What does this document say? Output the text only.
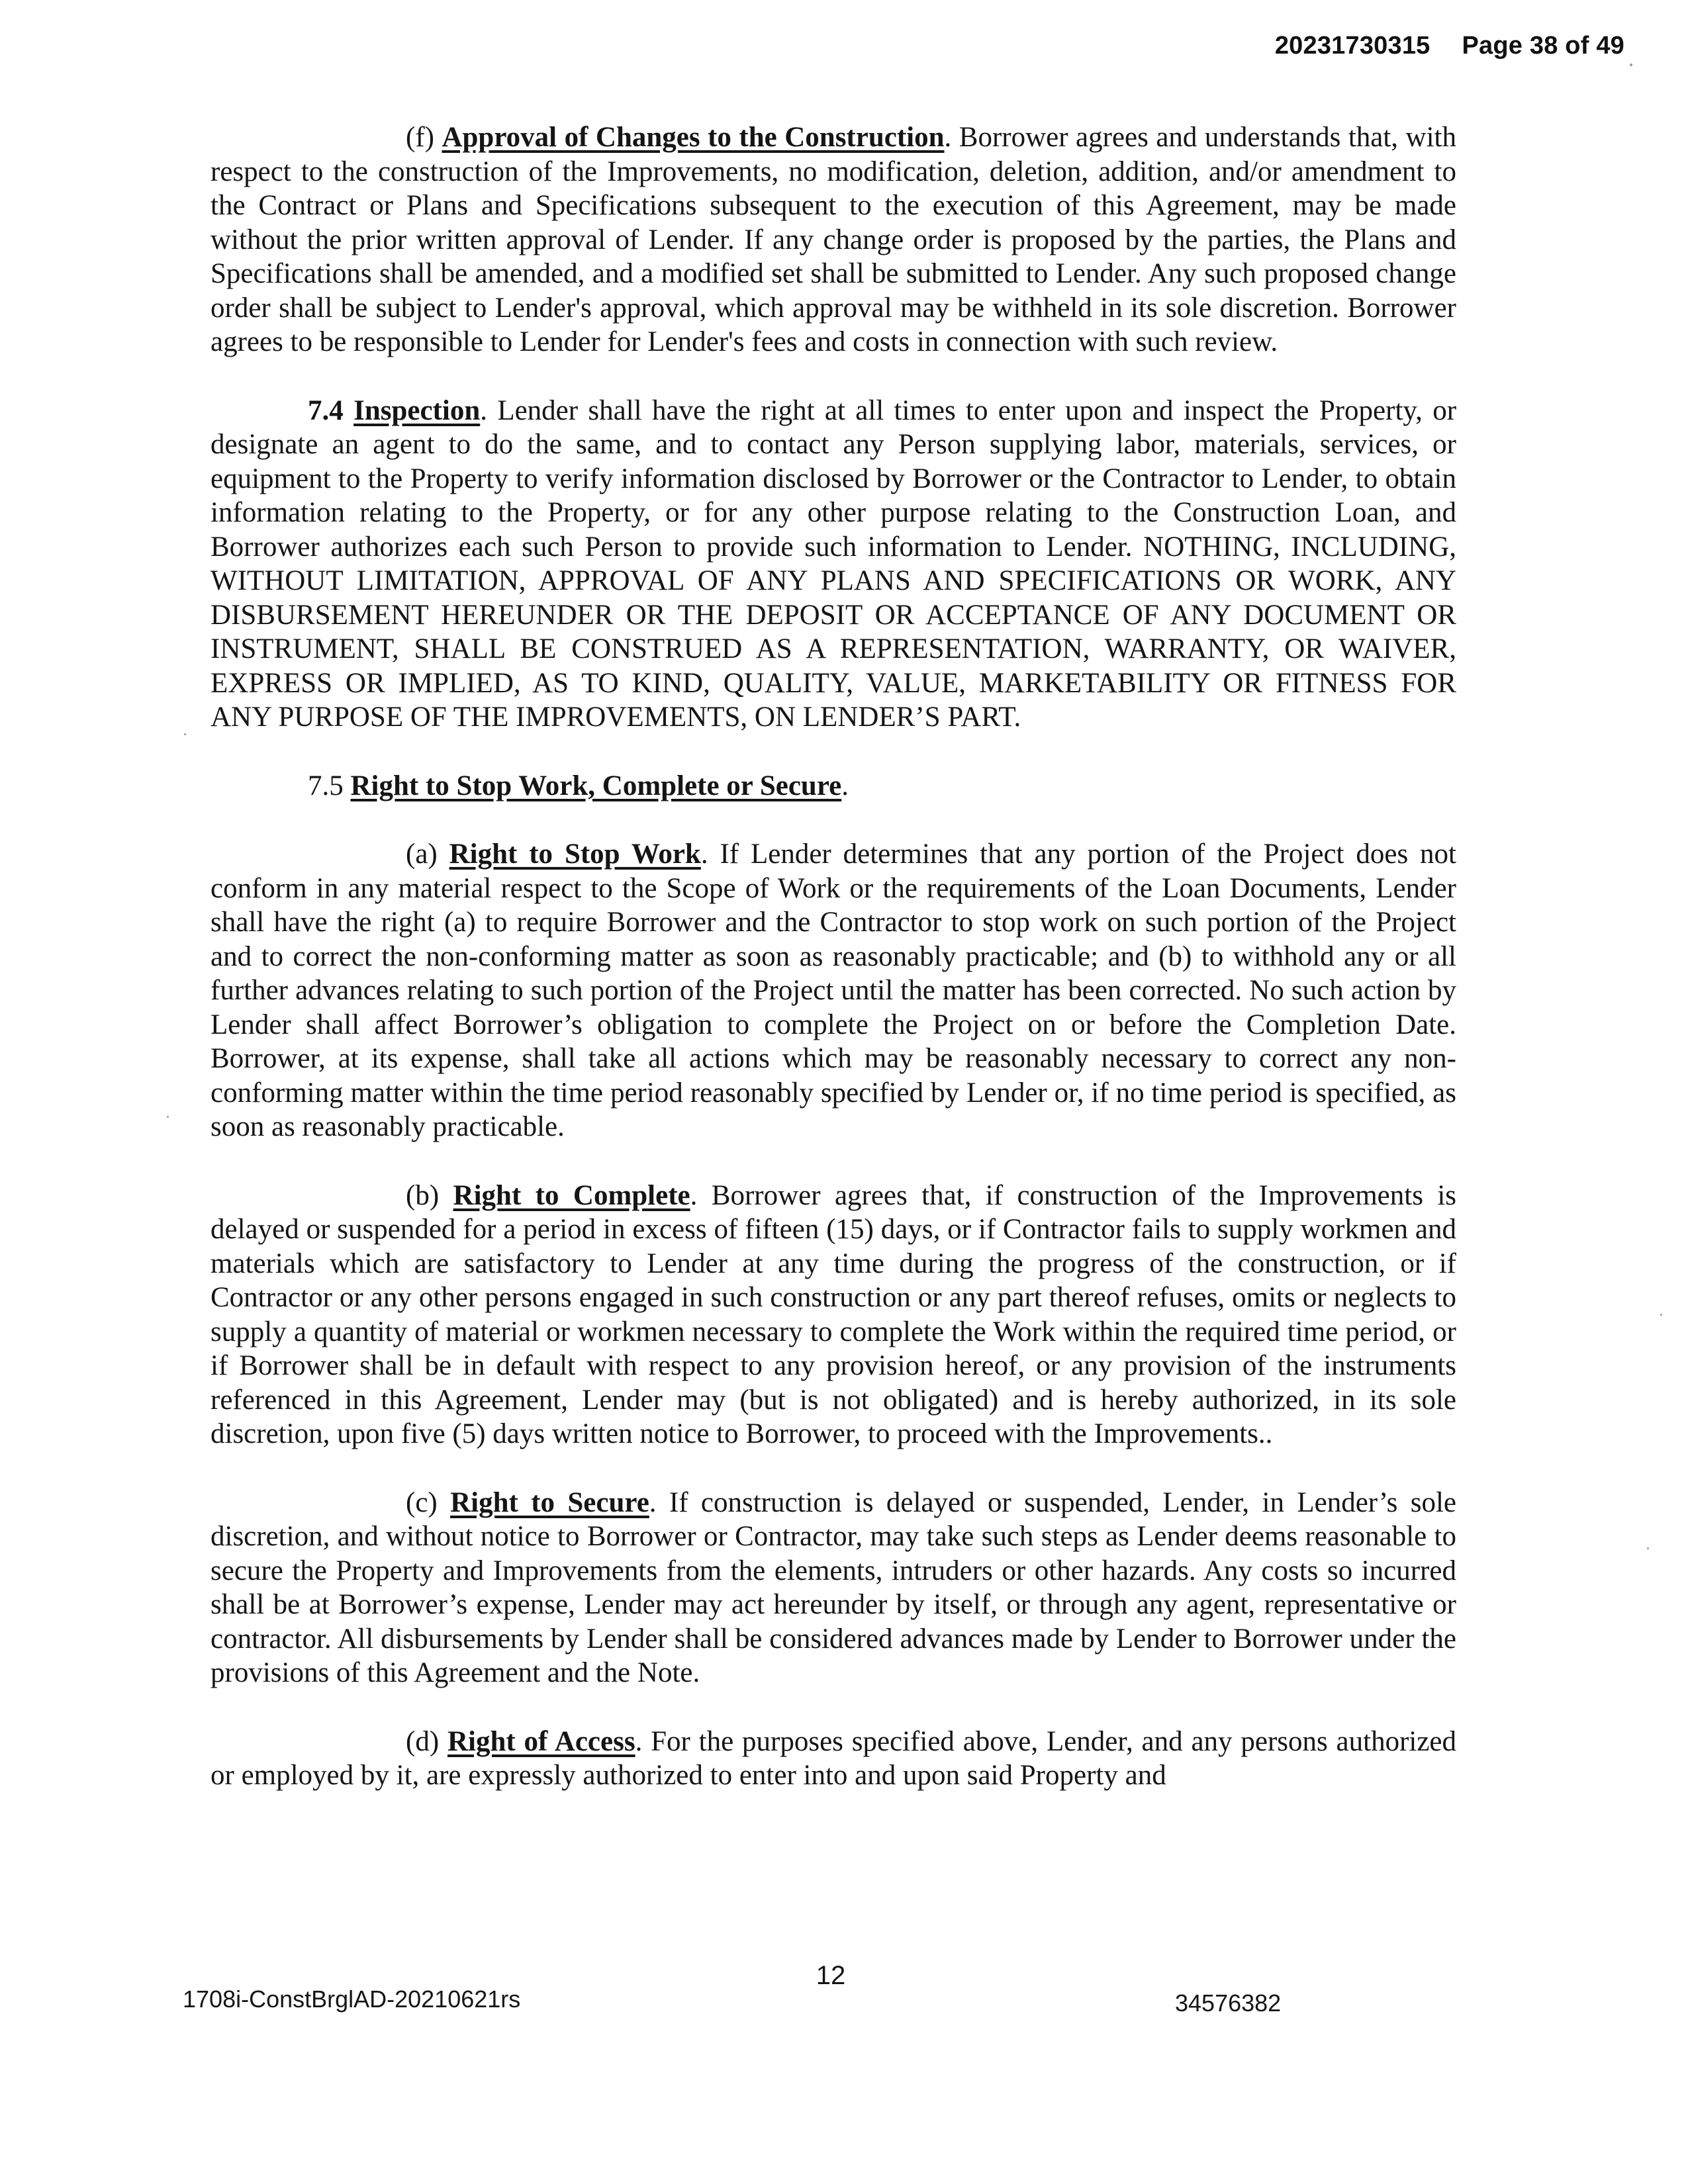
20231730315 Page 38 of 49

(f) Approval of Changes to the Construction. Borrower agrees and understands that, with respect to the construction of the Improvements, no modification, deletion, addition, and/or amendment to the Contract or Plans and Specifications subsequent to the execution of this Agreement, may be made without the prior written approval of Lender. If any change order is proposed by the parties, the Plans and Specifications shall be amended, and a modified set shall be submitted to Lender. Any such proposed change order shall be subject to Lender's approval, which approval may be withheld in its sole discretion. Borrower agrees to be responsible to Lender for Lender's fees and costs in connection with such review.

7.4 Inspection. Lender shall have the right at all times to enter upon and inspect the Property, or designate an agent to do the same, and to contact any Person supplying labor, materials, services, or equipment to the Property to verify information disclosed by Borrower or the Contractor to Lender, to obtain information relating to the Property, or for any other purpose relating to the Construction Loan, and Borrower authorizes each such Person to provide such information to Lender. NOTHING, INCLUDING, WITHOUT LIMITATION, APPROVAL OF ANY PLANS AND SPECIFICATIONS OR WORK, ANY DISBURSEMENT HEREUNDER OR THE DEPOSIT OR ACCEPTANCE OF ANY DOCUMENT OR INSTRUMENT, SHALL BE CONSTRUED AS A REPRESENTATION, WARRANTY, OR WAIVER, EXPRESS OR IMPLIED, AS TO KIND, QUALITY, VALUE, MARKETABILITY OR FITNESS FOR ANY PURPOSE OF THE IMPROVEMENTS, ON LENDER’S PART.

7.5 Right to Stop Work, Complete or Secure.

(a) Right to Stop Work. If Lender determines that any portion of the Project does not conform in any material respect to the Scope of Work or the requirements of the Loan Documents, Lender shall have the right (a) to require Borrower and the Contractor to stop work on such portion of the Project and to correct the non-conforming matter as soon as reasonably practicable; and (b) to withhold any or all further advances relating to such portion of the Project until the matter has been corrected. No such action by Lender shall affect Borrower’s obligation to complete the Project on or before the Completion Date. Borrower, at its expense, shall take all actions which may be reasonably necessary to correct any non-conforming matter within the time period reasonably specified by Lender or, if no time period is specified, as soon as reasonably practicable.

(b) Right to Complete. Borrower agrees that, if construction of the Improvements is delayed or suspended for a period in excess of fifteen (15) days, or if Contractor fails to supply workmen and materials which are satisfactory to Lender at any time during the progress of the construction, or if Contractor or any other persons engaged in such construction or any part thereof refuses, omits or neglects to supply a quantity of material or workmen necessary to complete the Work within the required time period, or if Borrower shall be in default with respect to any provision hereof, or any provision of the instruments referenced in this Agreement, Lender may (but is not obligated) and is hereby authorized, in its sole discretion, upon five (5) days written notice to Borrower, to proceed with the Improvements..

(c) Right to Secure. If construction is delayed or suspended, Lender, in Lender’s sole discretion, and without notice to Borrower or Contractor, may take such steps as Lender deems reasonable to secure the Property and Improvements from the elements, intruders or other hazards. Any costs so incurred shall be at Borrower’s expense, Lender may act hereunder by itself, or through any agent, representative or contractor. All disbursements by Lender shall be considered advances made by Lender to Borrower under the provisions of this Agreement and the Note.

(d) Right of Access. For the purposes specified above, Lender, and any persons authorized or employed by it, are expressly authorized to enter into and upon said Property and

12
1708i-ConstBrglAD-20210621rs	34576382
